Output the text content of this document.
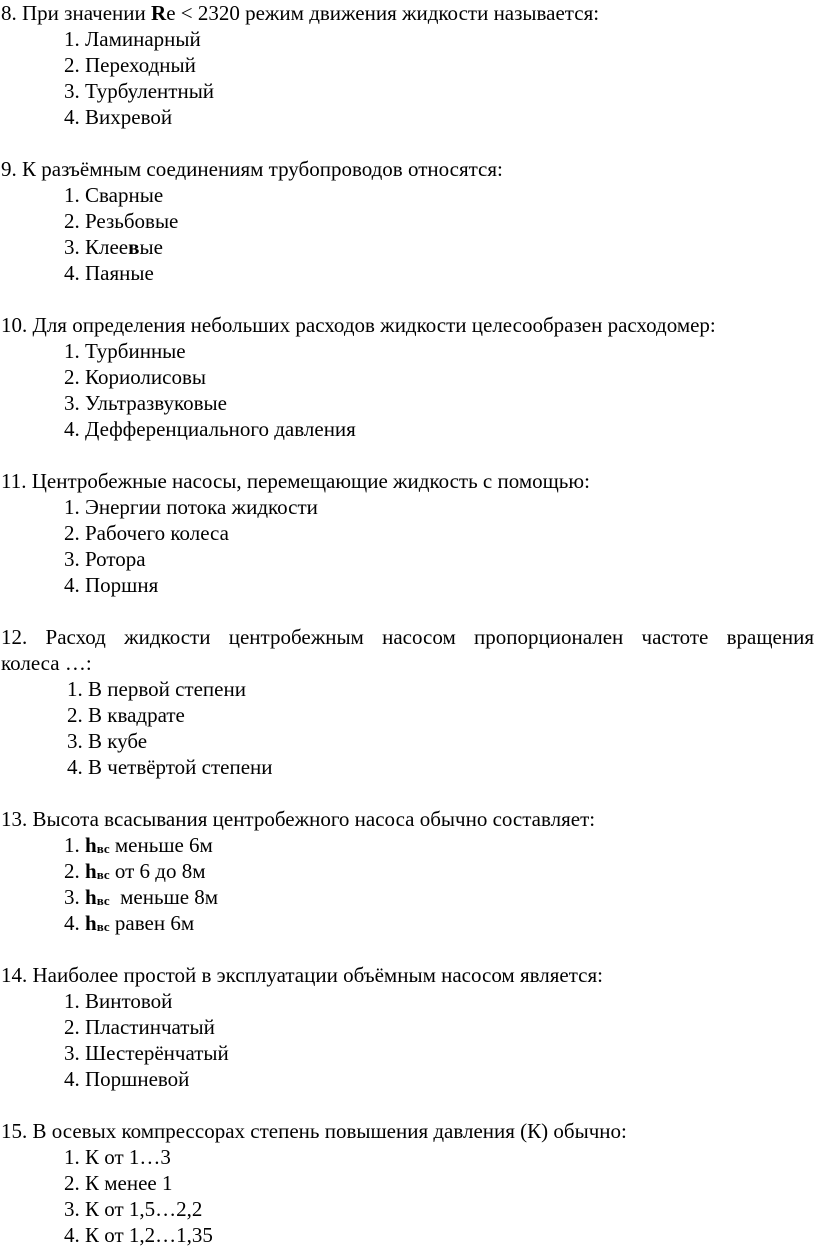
8. При значении Re < 2320 режим движения жидкости называется:
1. Ламинарный
2. Переходный
3. Турбулентный
4. Вихревой
9. К разъёмным соединениям трубопроводов относятся:
1. Сварные
2. Резьбовые
3. Клеевые
4. Паяные
10. Для определения небольших расходов жидкости целесообразен расходомер:
1. Турбинные
2. Кориолисовы
3. Ультразвуковые
4. Дефференциального давления
11. Центробежные насосы, перемещающие жидкость с помощью:
1. Энергии потока жидкости
2. Рабочего колеса
3. Ротора
4. Поршня
12. Расход жидкости центробежным насосом пропорционален частоте вращения
колеса …:
1. В первой степени
2. В квадрате
3. В кубе
4. В четвёртой степени
13. Высота всасывания центробежного насоса обычно составляет:
1. hвс меньше 6м
2. hвс от 6 до 8м
3. hвс  меньше 8м
4. hвс равен 6м
14. Наиболее простой в эксплуатации объёмным насосом является:
1. Винтовой
2. Пластинчатый
3. Шестерёнчатый
4. Поршневой
15. В осевых компрессорах степень повышения давления (К) обычно:
1. К от 1…3
2. К менее 1
3. К от 1,5…2,2
4. К от 1,2…1,35
